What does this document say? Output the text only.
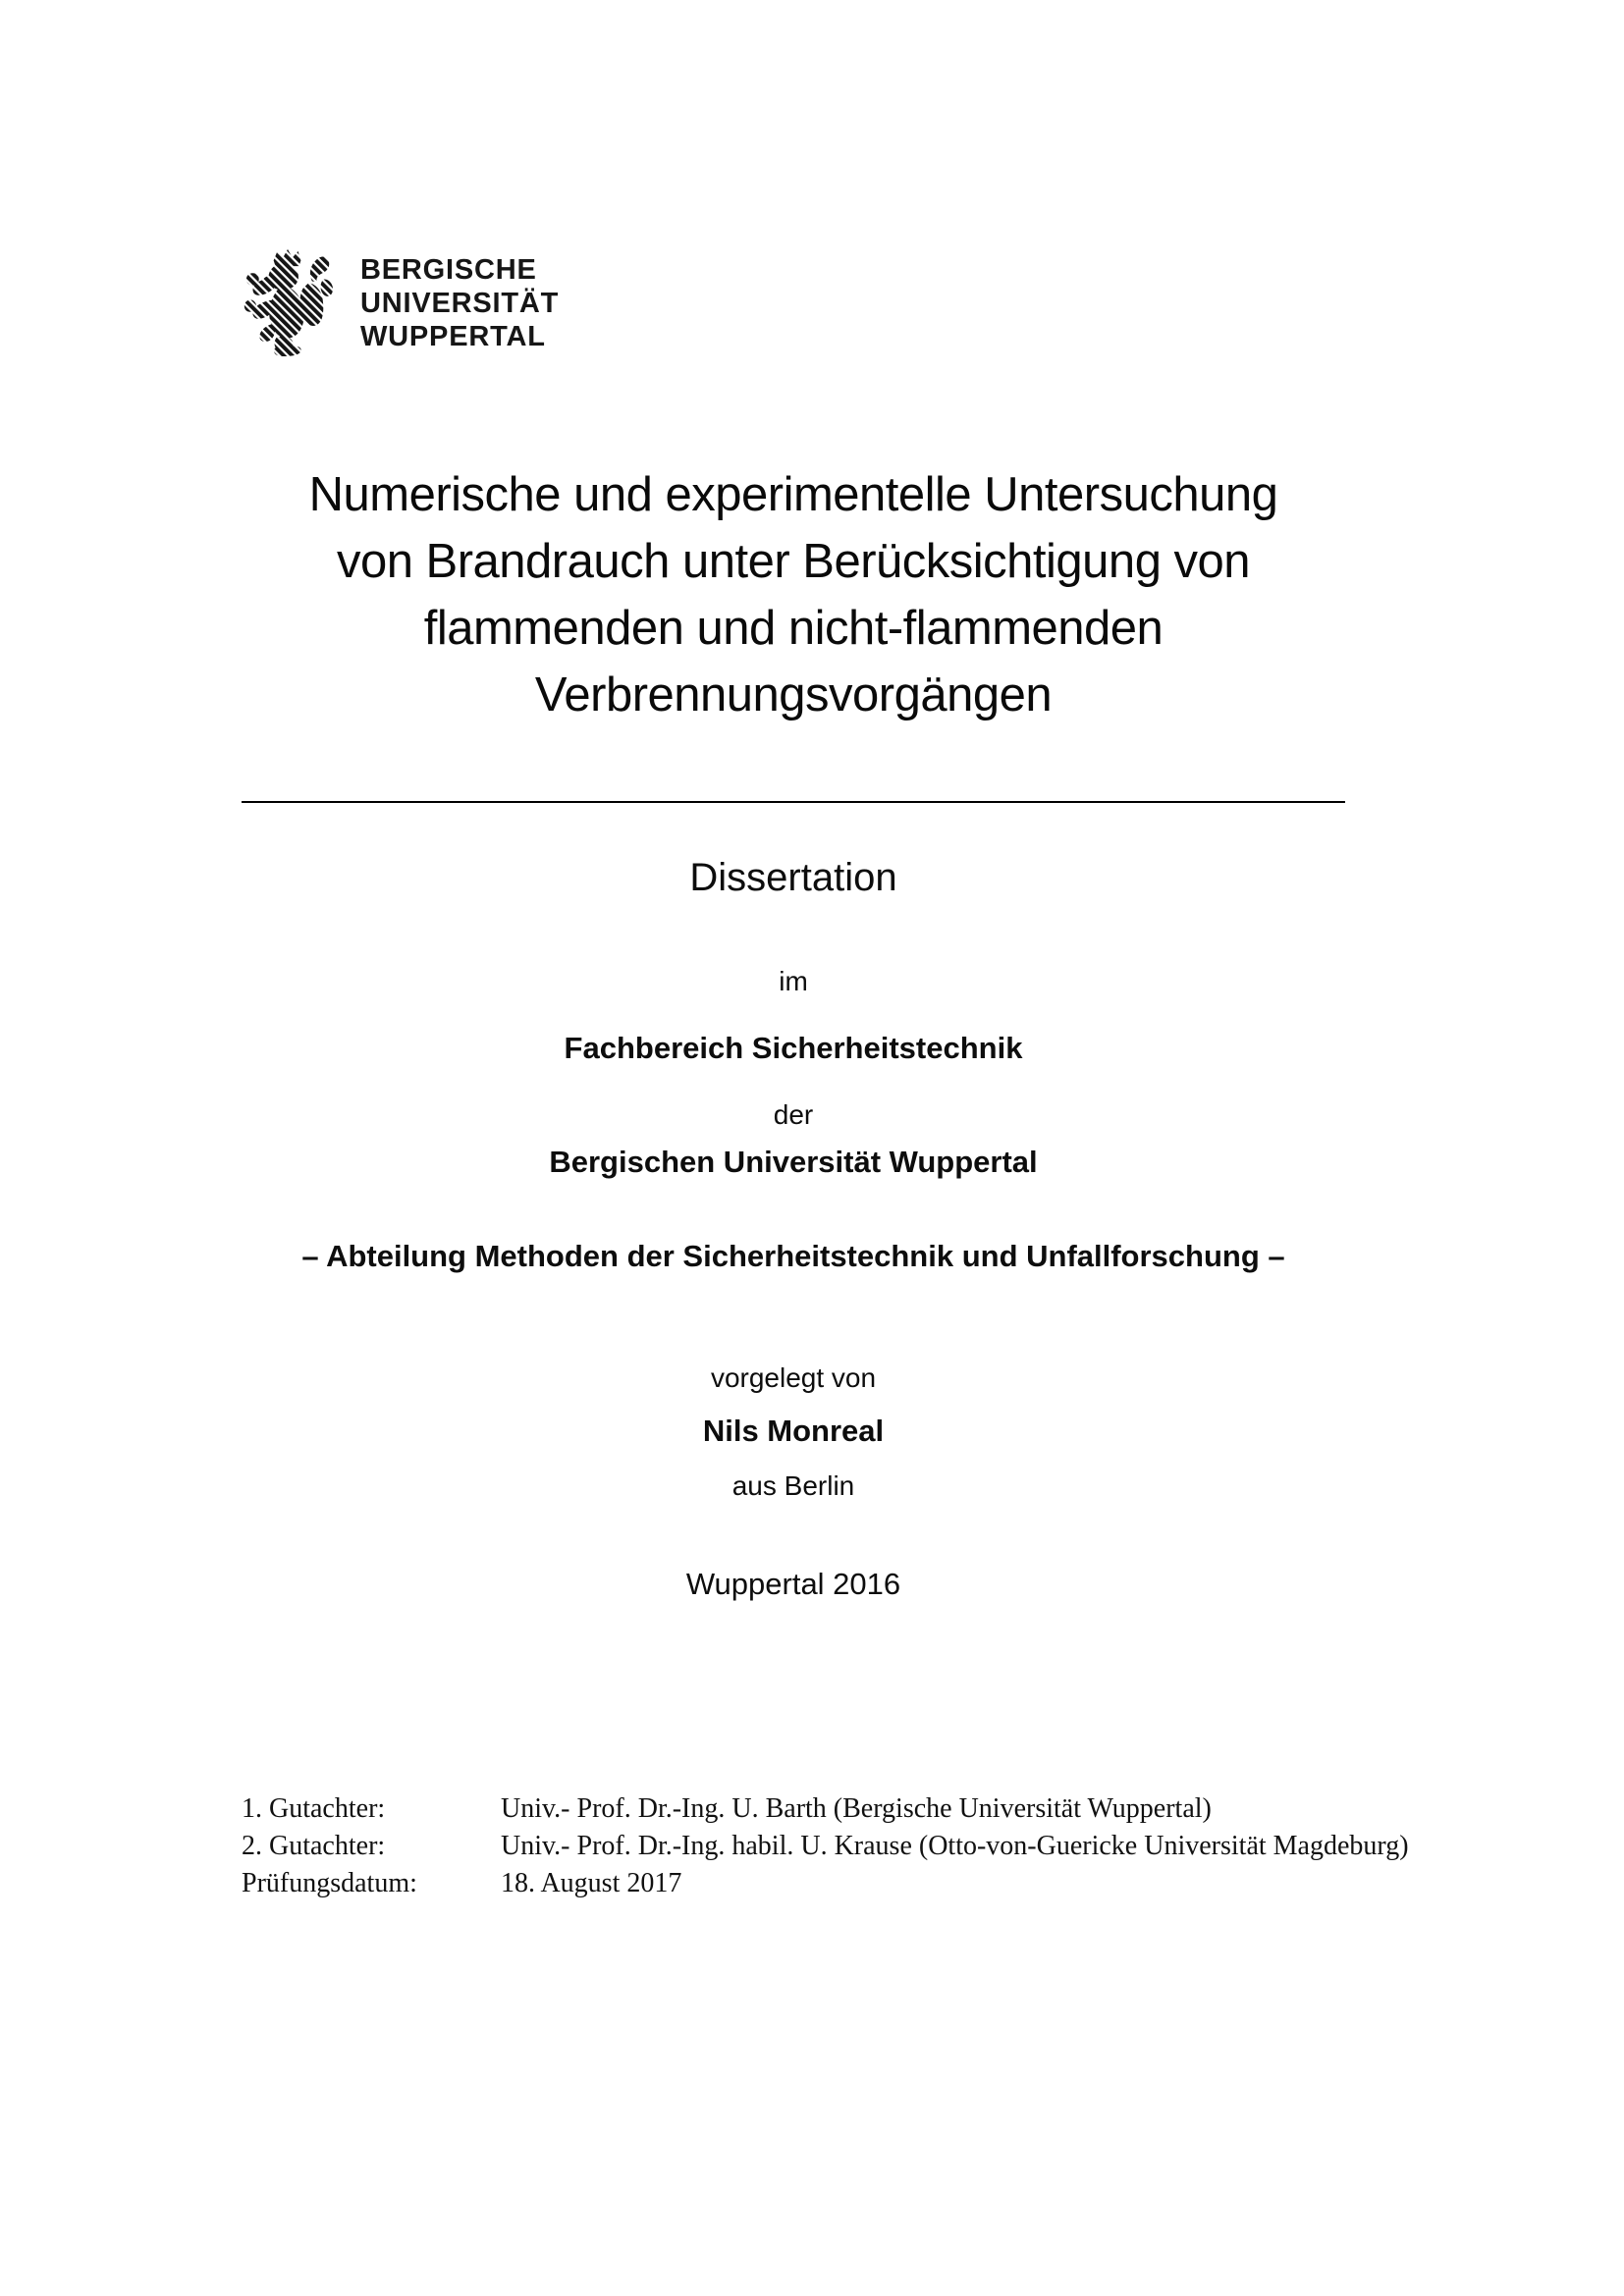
BERGISCHE
UNIVERSITÄT
WUPPERTAL
Numerische und experimentelle Untersuchung
von Brandrauch unter Berücksichtigung von
flammenden und nicht-flammenden
Verbrennungsvorgängen
Dissertation
im
Fachbereich Sicherheitstechnik
der
Bergischen Universität Wuppertal
– Abteilung Methoden der Sicherheitstechnik und Unfallforschung –
vorgelegt von
Nils Monreal
aus Berlin
Wuppertal 2016
1. Gutachter:	Univ.- Prof. Dr.-Ing. U. Barth (Bergische Universität Wuppertal)
2. Gutachter:	Univ.- Prof. Dr.-Ing. habil. U. Krause (Otto-von-Guericke Universität Magdeburg)
Prüfungsdatum:	18. August 2017
